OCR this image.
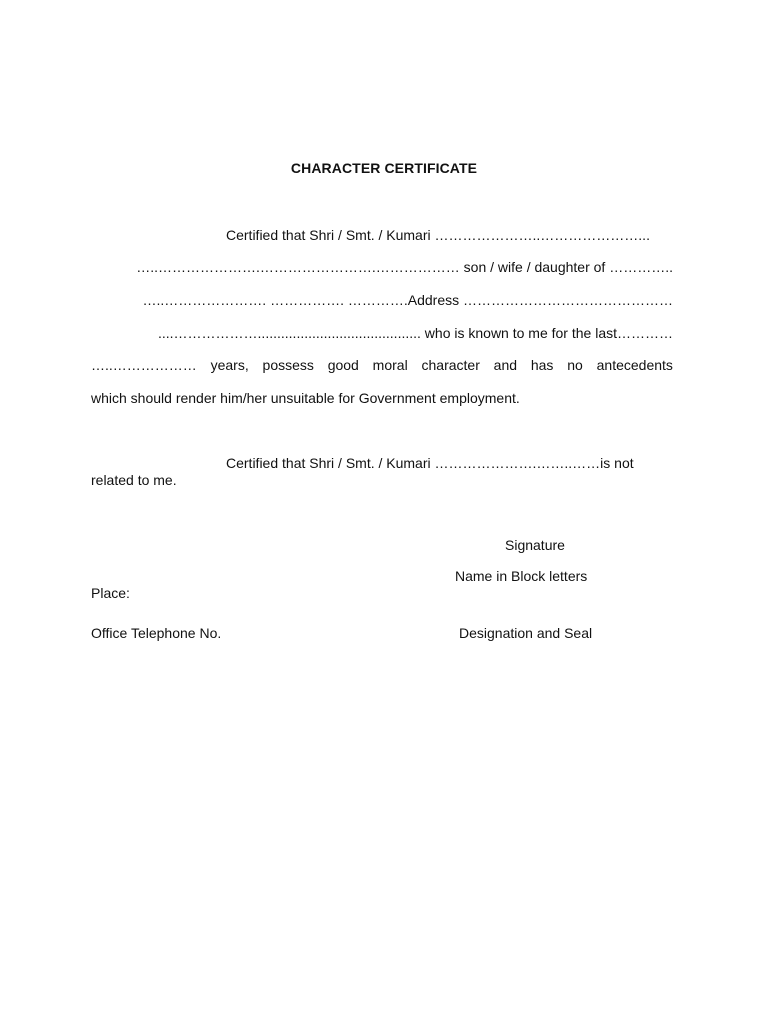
CHARACTER CERTIFICATE
Certified that Shri / Smt. / Kumari …………………..…………………...
…..………………….…………………….……………… son / wife / daughter of …………..
…..…………………. ……………. ………….Address ………………………………………
....……………….......................................... who is known to me for the last…………
…..……………… years, possess good moral character and has no antecedents
which should render him/her unsuitable for Government employment.
Certified that Shri / Smt. / Kumari ………………….……..……is not
related to me.
Signature
Name in Block letters
Place:
Office Telephone No.	Designation and Seal
